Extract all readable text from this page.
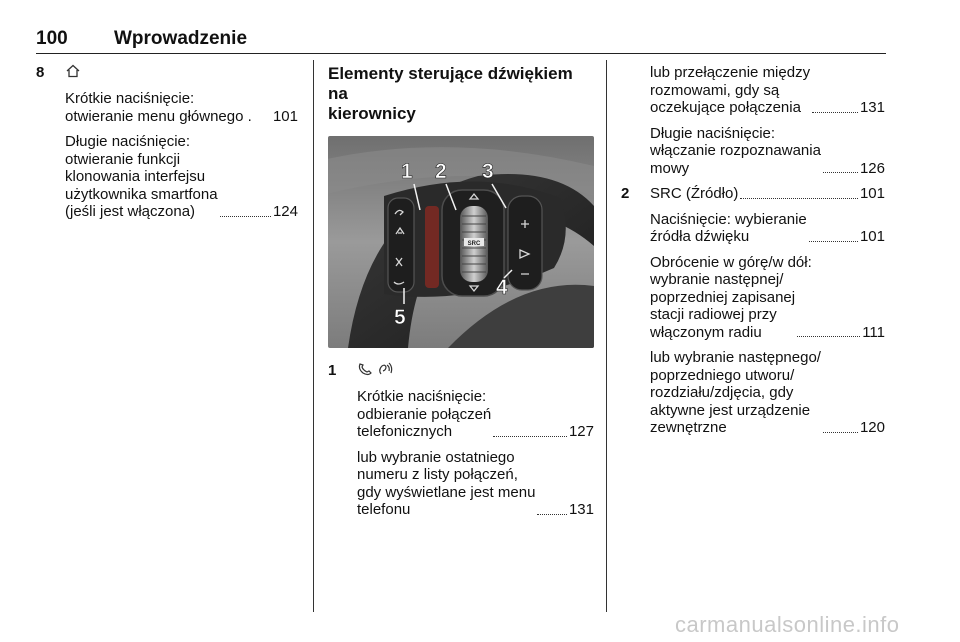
100 Wprowadzenie
8
Krótkie naciśnięcie:
otwieranie menu głównego . 101
Długie naciśnięcie:
otwieranie funkcji
klonowania interfejsu
użytkownika smartfona
(jeśli jest włączona)	124
Elementy sterujące dźwiękiem na
kierownicy
SRC
1 2 3
4
5
1

Krótkie naciśnięcie:
odbieranie połączeń
telefonicznych	127
lub wybranie ostatniego
numeru z listy połączeń,
gdy wyświetlane jest menu
telefonu	131
lub przełączenie między
rozmowami, gdy są
oczekujące połączenia	131
Długie naciśnięcie:
włączanie rozpoznawania
mowy	126
2 SRC (Źródło)	101
Naciśnięcie: wybieranie
źródła dźwięku	101
Obrócenie w górę/w dół:
wybranie następnej/
poprzedniej zapisanej
stacji radiowej przy
włączonym radiu	111
lub wybranie następnego/
poprzedniego utworu/
rozdziału/zdjęcia, gdy
aktywne jest urządzenie
zewnętrzne	120
carmanualsonline.info
